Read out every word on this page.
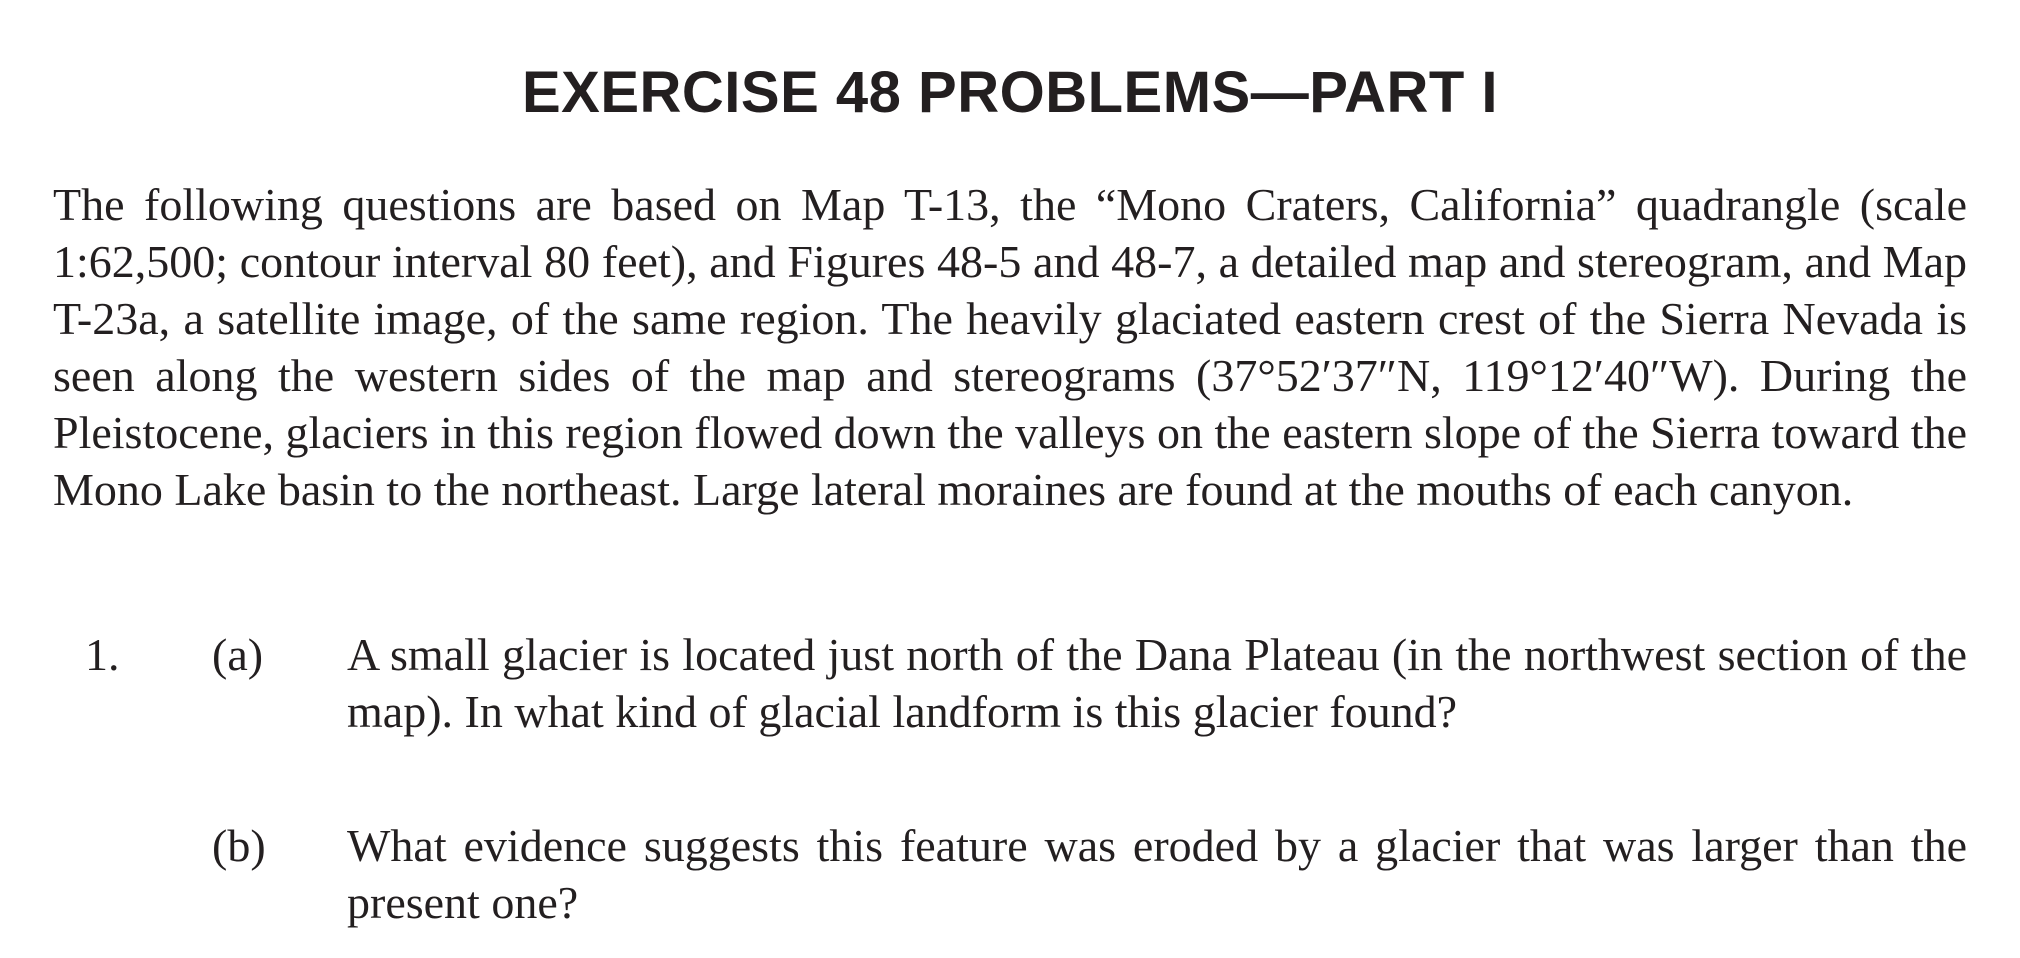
EXERCISE 48 PROBLEMS—PART I

The following questions are based on Map T-13, the “Mono Craters, California” quadrangle (scale 1:62,500; contour interval 80 feet), and Figures 48-5 and 48-7, a detailed map and stereogram, and Map T-23a, a satellite image, of the same region. The heavily glaciated eastern crest of the Sierra Nevada is seen along the western sides of the map and stereograms (37°52′37″N, 119°12′40″W). During the Pleistocene, glaciers in this region flowed down the valleys on the eastern slope of the Sierra toward the Mono Lake basin to the northeast. Large lateral moraines are found at the mouths of each canyon.

1. (a) A small glacier is located just north of the Dana Plateau (in the northwest section of the map). In what kind of glacial landform is this glacier found?

(b) What evidence suggests this feature was eroded by a glacier that was larger than the present one?
